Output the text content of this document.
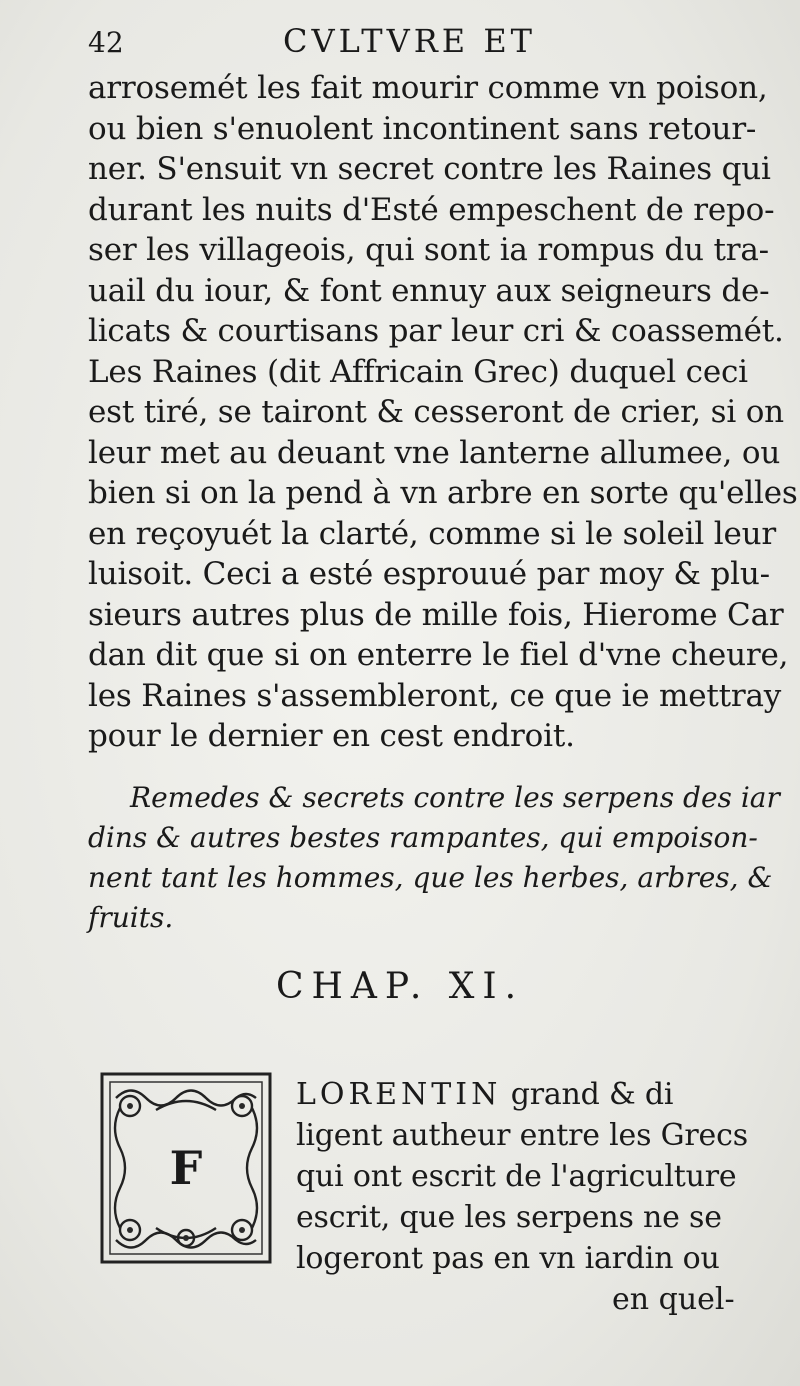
42	CVLTVRE ET
arrosemét les fait mourir comme vn poison,
ou bien s'enuolent incontinent sans retour-
ner. S'ensuit vn secret contre les Raines qui
durant les nuits d'Esté empeschent de repo-
ser les villageois, qui sont ia rompus du tra-
uail du iour, & font ennuy aux seigneurs de-
licats & courtisans par leur cri & coassemét.
Les Raines (dit Affricain Grec) duquel ceci
est tiré, se tairont & cesseront de crier, si on
leur met au deuant vne lanterne allumee, ou
bien si on la pend à vn arbre en sorte qu'elles
en reçoyuét la clarté, comme si le soleil leur
luisoit. Ceci a esté esprouué par moy & plu-
sieurs autres plus de mille fois, Hierome Car
dan dit que si on enterre le fiel d'vne cheure,
les Raines s'assembleront, ce que ie mettray
pour le dernier en cest endroit.
Remedes & secrets contre les serpens des iar
dins & autres bestes rampantes, qui empoison-
nent tant les hommes, que les herbes, arbres, &
fruits.
CHAP. XI.
F
LORENTIN grand & di
ligent autheur entre les Grecs
qui ont escrit de l'agriculture
escrit, que les serpens ne se
logeront pas en vn iardin ou
en quel-
